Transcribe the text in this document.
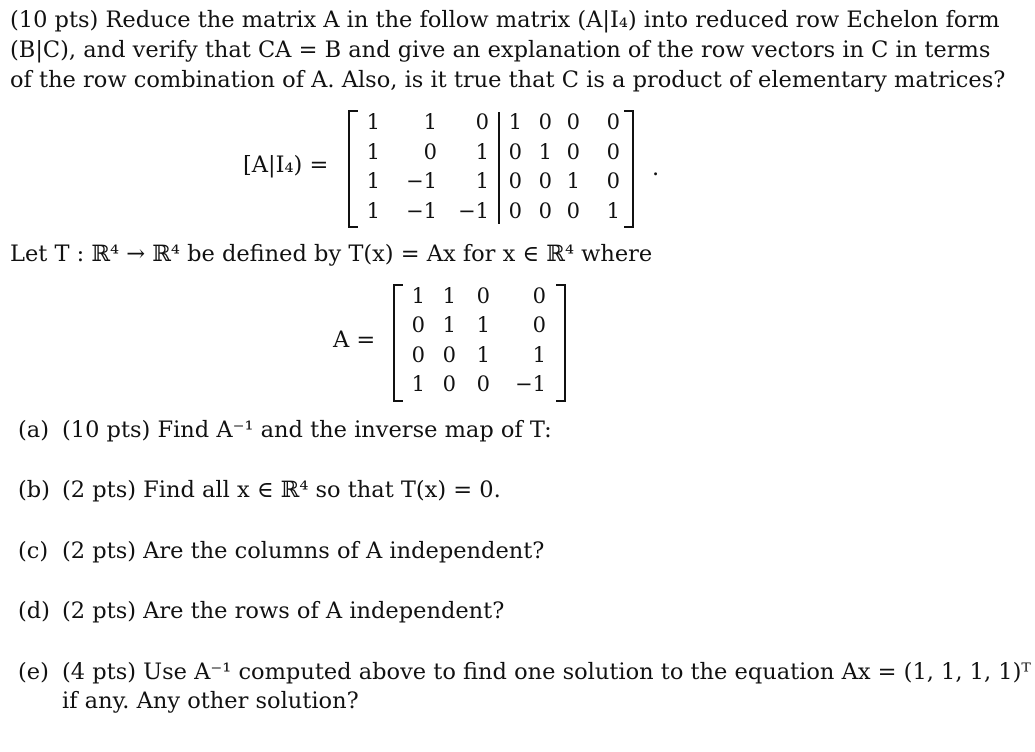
(10 pts) Reduce the matrix A in the follow matrix (A|I₄) into reduced row Echelon form
(B|C), and verify that CA = B and give an explanation of the row vectors in C in terms
of the row combination of A. Also, is it true that C is a product of elementary matrices?
[A|I₄) =
1	1	0 1 0 0	0
1	0	1 0 1 0	0
1	−1	1 0 0 1	0
1	−1	−1 0 0 0	1
.
Let T : ℝ⁴ → ℝ⁴ be defined by T(x) = Ax for x ∈ ℝ⁴ where
A =
1 1 0	0
0 1 1	0
0 0 1	1
1 0 0	−1
(a) (10 pts) Find A⁻¹ and the inverse map of T:
(b) (2 pts) Find all x ∈ ℝ⁴ so that T(x) = 0.
(c) (2 pts) Are the columns of A independent?
(d) (2 pts) Are the rows of A independent?
(e) (4 pts) Use A⁻¹ computed above to find one solution to the equation Ax = (1, 1, 1, 1)ᵀ
if any. Any other solution?
